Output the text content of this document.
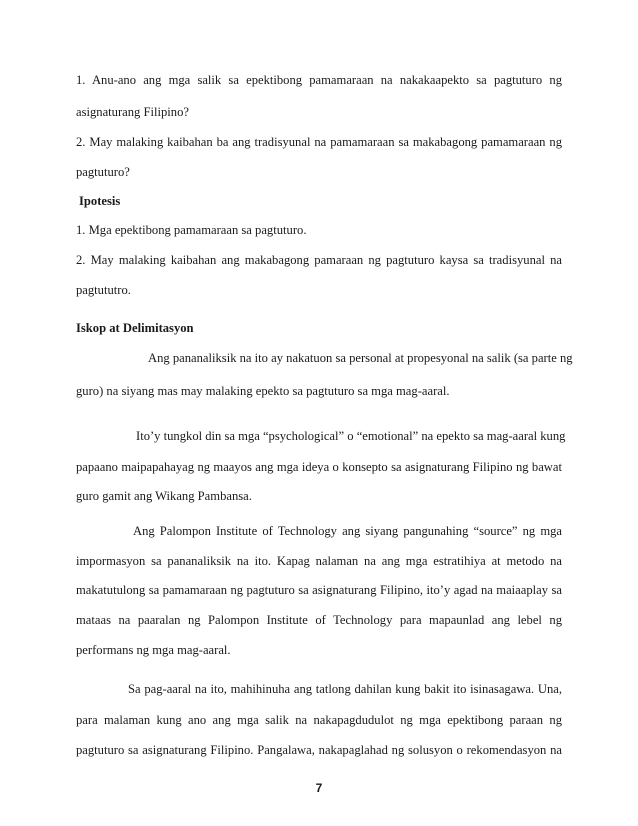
1. Anu-ano ang mga salik sa epektibong pamamaraan na nakakaapekto sa pagtuturo ng
asignaturang Filipino?
2. May malaking kaibahan ba ang tradisyunal na pamamaraan sa makabagong pamamaraan ng
pagtuturo?
Ipotesis
1. Mga epektibong pamamaraan sa pagtuturo.
2. May malaking kaibahan ang makabagong pamaraan ng pagtuturo kaysa sa tradisyunal na
pagtututro.
Iskop at Delimitasyon
Ang pananaliksik na ito ay nakatuon sa personal at propesyonal na salik (sa parte ng
guro) na siyang mas may malaking epekto sa pagtuturo sa mga mag-aaral.
Ito’y tungkol din sa mga “psychological” o “emotional” na epekto sa mag-aaral kung
papaano maipapahayag ng maayos ang mga ideya o konsepto sa asignaturang Filipino ng bawat
guro gamit ang Wikang Pambansa.
Ang Palompon Institute of Technology ang siyang pangunahing “source” ng mga
impormasyon sa pananaliksik na ito. Kapag nalaman na ang mga estratihiya at metodo na
makatutulong sa pamamaraan ng pagtuturo sa asignaturang Filipino, ito’y agad na maiaaplay sa
mataas na paaralan ng Palompon Institute of Technology para mapaunlad ang lebel ng
performans ng mga mag-aaral.
Sa pag-aaral na ito, mahihinuha ang tatlong dahilan kung bakit ito isinasagawa. Una,
para malaman kung ano ang mga salik na nakapagdudulot ng mga epektibong paraan ng
pagtuturo sa asignaturang Filipino. Pangalawa, nakapaglahad ng solusyon o rekomendasyon na
7
